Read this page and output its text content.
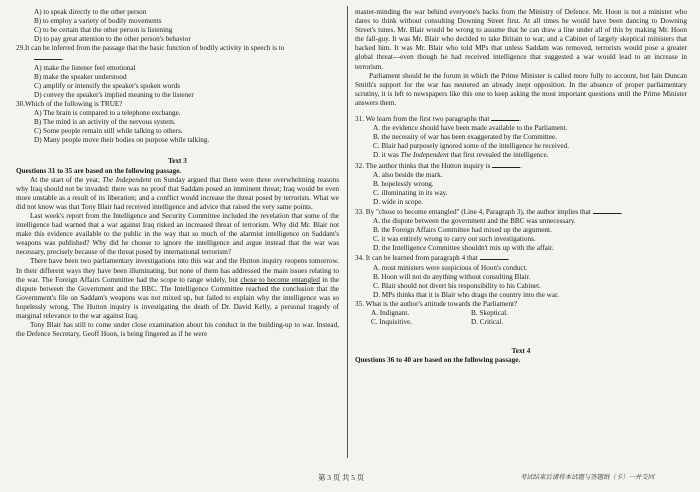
A) to speak directly to the other person
B) to employ a variety of bodily movements
C) to be certain that the other person is listening
D) to pay great attention to the other person's behavior
29.It can be inferred from the passage that the basic function of bodily activity in speech is to
.
A) make the listener feel emotional
B) make the speaker understood
C) amplify or intensify the speaker's spoken words
D) convey the speaker's implied meaning to the listener
30.Which of the following is TRUE?
A) The brain is compared to a telephone exchange.
B) The mind is an activity of the nervous system.
C) Some people remain still while talking to others.
D) Many people move their bodies on purpose while talking.
Text 3
Questions 31 to 35 are based on the following passage.

At the start of the year, The Independent on Sunday argued that there were three overwhelming reasons why Iraq should not be invaded: there was no proof that Saddam posed an imminent threat; Iraq would be even more unstable as a result of its liberation; and a conflict would increase the threat posed by terrorists. What we did not know was that Tony Blair had received intelligence and advice that raised the very same points.

Last week's report from the Intelligence and Security Committee included the revelation that some of the intelligence had warned that a war against Iraq risked an increased threat of terrorism. Why did Mr. Blair not make this evidence available to the public in the way that so much of the alarmist intelligence on Saddam's weapons was published? Why did he choose to ignore the intelligence and argue instead that the war was necessary, precisely because of the threat posed by international terrorism?

There have been two parliamentary investigations into this war and the Hutton inquiry reopens tomorrow. In their different ways they have been illuminating, but none of them has addressed the main issues relating to the war. The Foreign Affairs Committee had the scope to range widely, but chose to become entangled in the dispute between the Government and the BBC. The Intelligence Committee reached the conclusion that the Government's file on Saddam's weapons was not mixed up, but failed to explain why the intelligence was so hopelessly wrong. The Hutton inquiry is investigating the death of Dr. David Kelly, a personal tragedy of marginal relevance to the war against Iraq.

Tony Blair has still to come under close examination about his conduct in the building-up to war. Instead, the Defence Secretary, Geoff Hoon, is being fingered as if he were

master-minding the war behind everyone's backs from the Ministry of Defence. Mr. Hoon is not a minister who dares to think without consulting Downing Street first. At all times he would have been dancing to Downing Street's tunes. Mr. Blair would be wrong to assume that he can draw a line under all of this by making Mr. Hoon the fall-guy. It was Mr. Blair who decided to take Britain to war, and a Cabinet of largely skeptical ministers that backed him. It was Mr. Blair who told MPs that unless Saddam was removed, terrorists would pose a greater global threat---even though he had received intelligence that suggested a war would lead to an increase in terrorism.

Parliament should be the forum in which the Prime Minister is called more fully to account, but Iain Duncan Smith's support for the war has neutered an already inept opposition. In the absence of proper parliamentary scrutiny, it is left to newspapers like this one to keep asking the most important questions until the Prime Minister answers them.

31. We learn from the first two paragraphs that	.
A. the evidence should have been made available to the Parliament.
B. the necessity of war has been exaggerated by the Committee.
C. Blair had purposely ignored some of the intelligence he received.
D. it was The Independent that first revealed the intelligence.
32. The author thinks that the Hutton inquiry is	.
A. also beside the mark.
B. hopelessly wrong.
C. illuminating in its way.
D. wide in scope.
33. By "chose to become entangled" (Line 4, Paragraph 3), the author implies that	.
A. the dispute between the government and the BBC was unnecessary.
B. the Foreign Affairs Committee had mixed up the argument.
C. it was entirely wrong to carry out such investigations.
D. the Intelligence Committee shouldn't mix up with the affair.
34. It can be learned from paragraph 4 that	.
A. most ministers were suspicious of Hoon's conduct.
B. Hoon will not do anything without consulting Blair.
C. Blair should not divert his responsibility to his Cabinet.
D. MPs thinks that it is Blair who drags the country into the war.
35. What is the author's attitude towards the Parliament?
A. Indignant.	B. Skeptical.
C. Inquisitive.	D. Critical.
Text 4
Questions 36 to 40 are based on the following passage.
第 3 页 共 5 页	考试结束后请将本试题与答题纸（卡）一并交回
